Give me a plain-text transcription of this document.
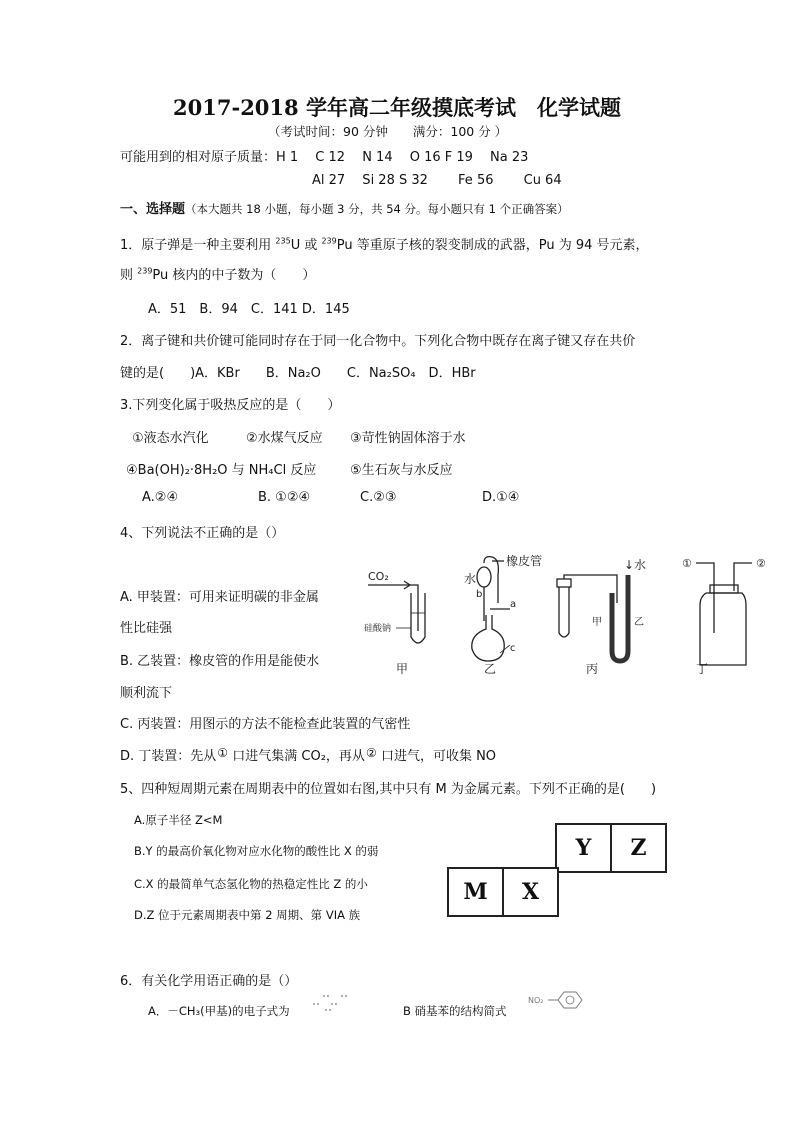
2017-2018 学年高二年级摸底考试　化学试题
（考试时间：90 分钟　　满分：100 分 ）
可能用到的相对原子质量：H 1　 C 12　 N 14　 O 16 F 19　 Na 23
Al 27　 Si 28 S 32　　 Fe 56　　 Cu 64
一、选择题（本大题共 18 小题，每小题 3 分，共 54 分。每小题只有 1 个正确答案）
1．原子弹是一种主要利用 $^{235}$U 或 $^{239}$Pu 等重原子核的裂变制成的武器，Pu 为 94 号元素，
则 $^{239}$Pu 核内的中子数为（　　）
A．51　B．94　C．141 D．145
2．离子键和共价键可能同时存在于同一化合物中。下列化合物中既存在离子键又存在共价
键的是(　　)A．KBr　　B．Na₂O　　C．Na₂SO₄　D．HBr
3.下列变化属于吸热反应的是（　　）
①液态水汽化	②水煤气反应 ③苛性钠固体溶于水
④Ba(OH)₂·8H₂O 与 NH₄Cl 反应	⑤生石灰与水反应
A.②④	B. ①②④	C.②③	D.①④
4、下列说法不正确的是（）
A. 甲装置：可用来证明碳的非金属
性比硅强
B. 乙装置：橡皮管的作用是能使水
顺利流下
C. 丙装置：用图示的方法不能检查此装置的气密性
D. 丁装置：先从 ① 口进气集满 CO₂，再从 ② 口进气，可收集 NO
CO₂
硅酸钠
水
橡皮管
b
a
c
↓水
甲	乙
①	②
甲	乙	丙	丁
5、四种短周期元素在周期表中的位置如右图,其中只有 M 为金属元素。下列不正确的是(　　)
A.原子半径 Z<M
B.Y 的最高价氧化物对应水化物的酸性比 X 的弱
C.X 的最简单气态氢化物的热稳定性比 Z 的小
D.Z 位于元素周期表中第 2 周期、第 VIA 族
Y	Z
M	X
6．有关化学用语正确的是（）
A．－CH₃(甲基)的电子式为	B 硝基苯的结构简式
NO₂
